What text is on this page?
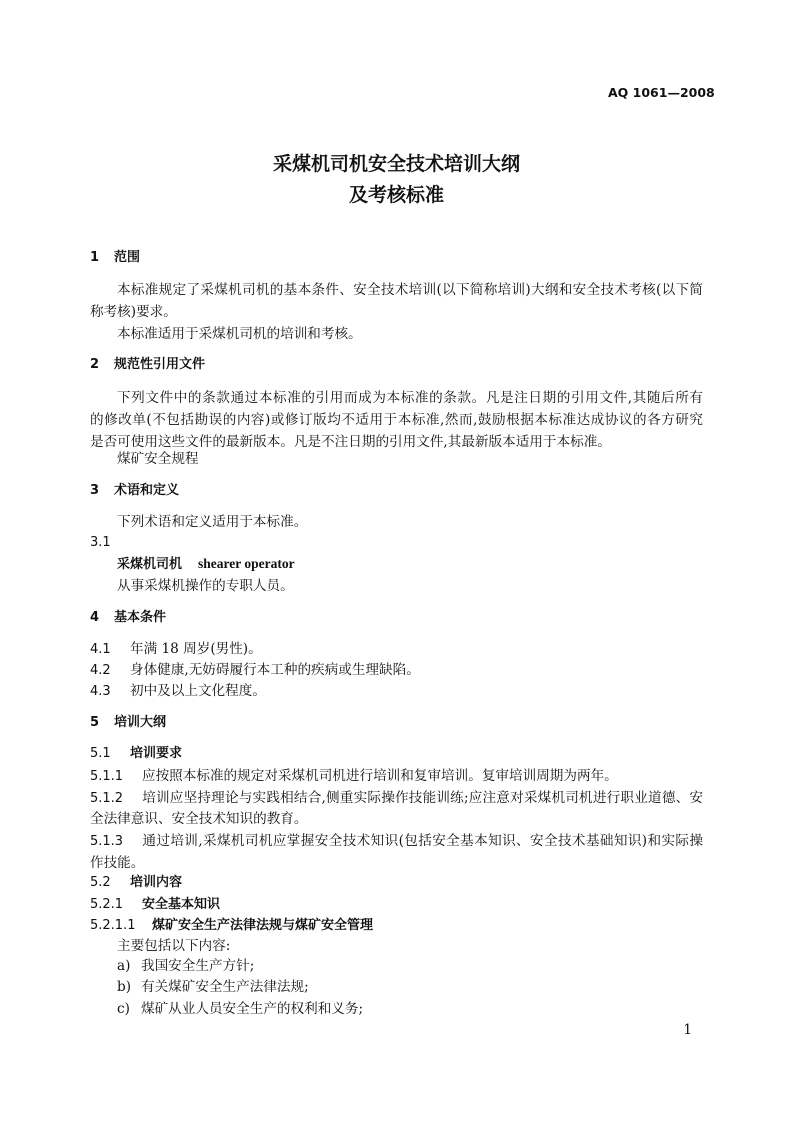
AQ 1061—2008
采煤机司机安全技术培训大纲
及考核标准
1 范围
本标准规定了采煤机司机的基本条件、安全技术培训(以下简称培训)大纲和安全技术考核(以下简
称考核)要求。
本标准适用于采煤机司机的培训和考核。
2 规范性引用文件
下列文件中的条款通过本标准的引用而成为本标准的条款。凡是注日期的引用文件,其随后所有
的修改单(不包括勘误的内容)或修订版均不适用于本标准,然而,鼓励根据本标准达成协议的各方研究
是否可使用这些文件的最新版本。凡是不注日期的引用文件,其最新版本适用于本标准。
煤矿安全规程
3 术语和定义
下列术语和定义适用于本标准。
3.1
采煤机司机 shearer operator
从事采煤机操作的专职人员。
4 基本条件
4.1 年满 18 周岁(男性)。
4.2 身体健康,无妨碍履行本工种的疾病或生理缺陷。
4.3 初中及以上文化程度。
5 培训大纲
5.1 培训要求
5.1.1 应按照本标准的规定对采煤机司机进行培训和复审培训。复审培训周期为两年。
5.1.2 培训应坚持理论与实践相结合,侧重实际操作技能训练;应注意对采煤机司机进行职业道德、安
全法律意识、安全技术知识的教育。
5.1.3 通过培训,采煤机司机应掌握安全技术知识(包括安全基本知识、安全技术基础知识)和实际操
作技能。
5.2 培训内容
5.2.1 安全基本知识
5.2.1.1 煤矿安全生产法律法规与煤矿安全管理
主要包括以下内容:
a) 我国安全生产方针;
b) 有关煤矿安全生产法律法规;
c) 煤矿从业人员安全生产的权利和义务;
1
